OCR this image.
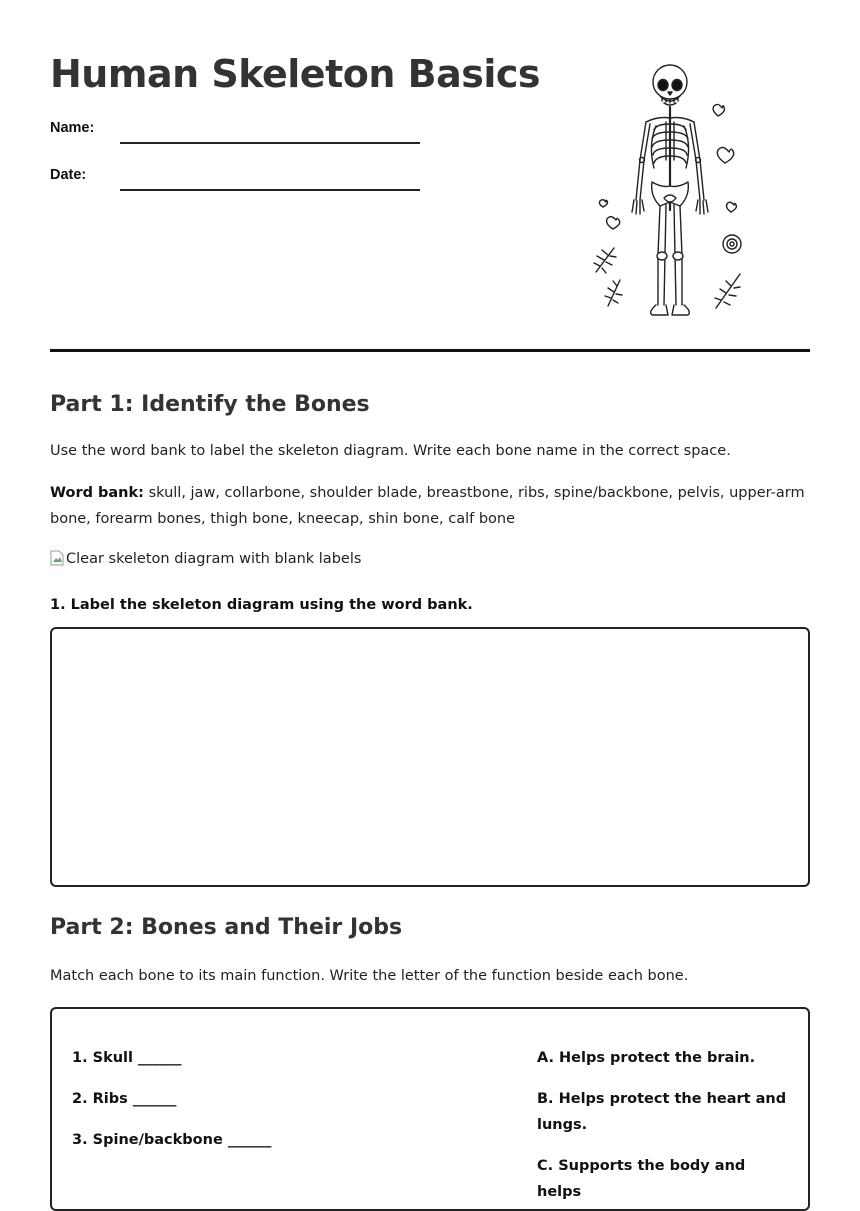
Human Skeleton Basics
Name:
Date:
Part 1: Identify the Bones

Use the word bank to label the skeleton diagram. Write each bone name in the correct space.

Word bank: skull, jaw, collarbone, shoulder blade, breastbone, ribs, spine/backbone, pelvis, upper-arm bone, forearm bones, thigh bone, kneecap, shin bone, calf bone

Clear skeleton diagram with blank labels

1. Label the skeleton diagram using the word bank.

Part 2: Bones and Their Jobs

Match each bone to its main function. Write the letter of the function beside each bone.

1. Skull ______
2. Ribs ______
3. Spine/backbone ______
A. Helps protect the brain.
B. Helps protect the heart and lungs.
C. Supports the body and helps
